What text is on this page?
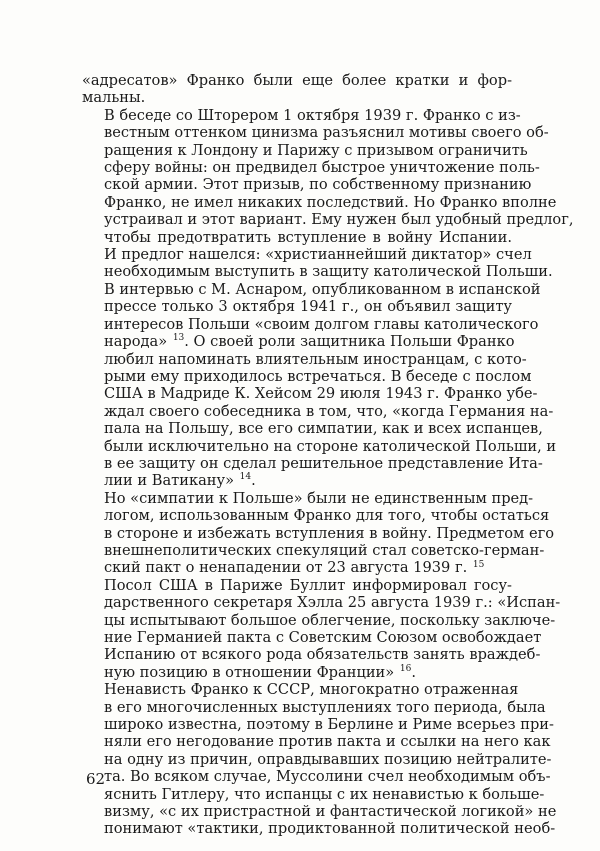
«адресатов» Франко были еще более кратки и фор-
мальны.
В беседе со Шторером 1 октября 1939 г. Франко с из-
вестным оттенком цинизма разъяснил мотивы своего об-
ращения к Лондону и Парижу с призывом ограничить
сферу войны: он предвидел быстрое уничтожение поль-
ской армии. Этот призыв, по собственному признанию
Франко, не имел никаких последствий. Но Франко вполне
устраивал и этот вариант. Ему нужен был удобный предлог,
чтобы предотвратить вступление в войну Испании.
И предлог нашелся: «христианнейший диктатор» счел
необходимым выступить в защиту католической Польши.
В интервью с М. Аснаром, опубликованном в испанской
прессе только 3 октября 1941 г., он объявил защиту
интересов Польши «своим долгом главы католического
народа» $^{13}$. О своей роли защитника Польши Франко
любил напоминать влиятельным иностранцам, с кото-
рыми ему приходилось встречаться. В беседе с послом
США в Мадриде К. Хейсом 29 июля 1943 г. Франко убе-
ждал своего собеседника в том, что, «когда Германия на-
пала на Польшу, все его симпатии, как и всех испанцев,
были исключительно на стороне католической Польши, и
в ее защиту он сделал решительное представление Ита-
лии и Ватикану» $^{14}$.
Но «симпатии к Польше» были не единственным пред-
логом, использованным Франко для того, чтобы остаться
в стороне и избежать вступления в войну. Предметом его
внешнеполитических спекуляций стал советско-герман-
ский пакт о ненападении от 23 августа 1939 г. $^{15}$
Посол США в Париже Буллит информировал госу-
дарственного секретаря Хэлла 25 августа 1939 г.: «Испан-
цы испытывают большое облегчение, поскольку заключе-
ние Германией пакта с Советским Союзом освобождает
Испанию от всякого рода обязательств занять враждеб-
ную позицию в отношении Франции» $^{16}$.
Ненависть Франко к СССР, многократно отраженная
в его многочисленных выступлениях того периода, была
широко известна, поэтому в Берлине и Риме всерьез при-
няли его негодование против пакта и ссылки на него как
на одну из причин, оправдывавших позицию нейтралите-
та. Во всяком случае, Муссолини счел необходимым объ-
яснить Гитлеру, что испанцы с их ненавистью к больше-
визму, «с их пристрастной и фантастической логикой» не
понимают «тактики, продиктованной политической необ-
62
